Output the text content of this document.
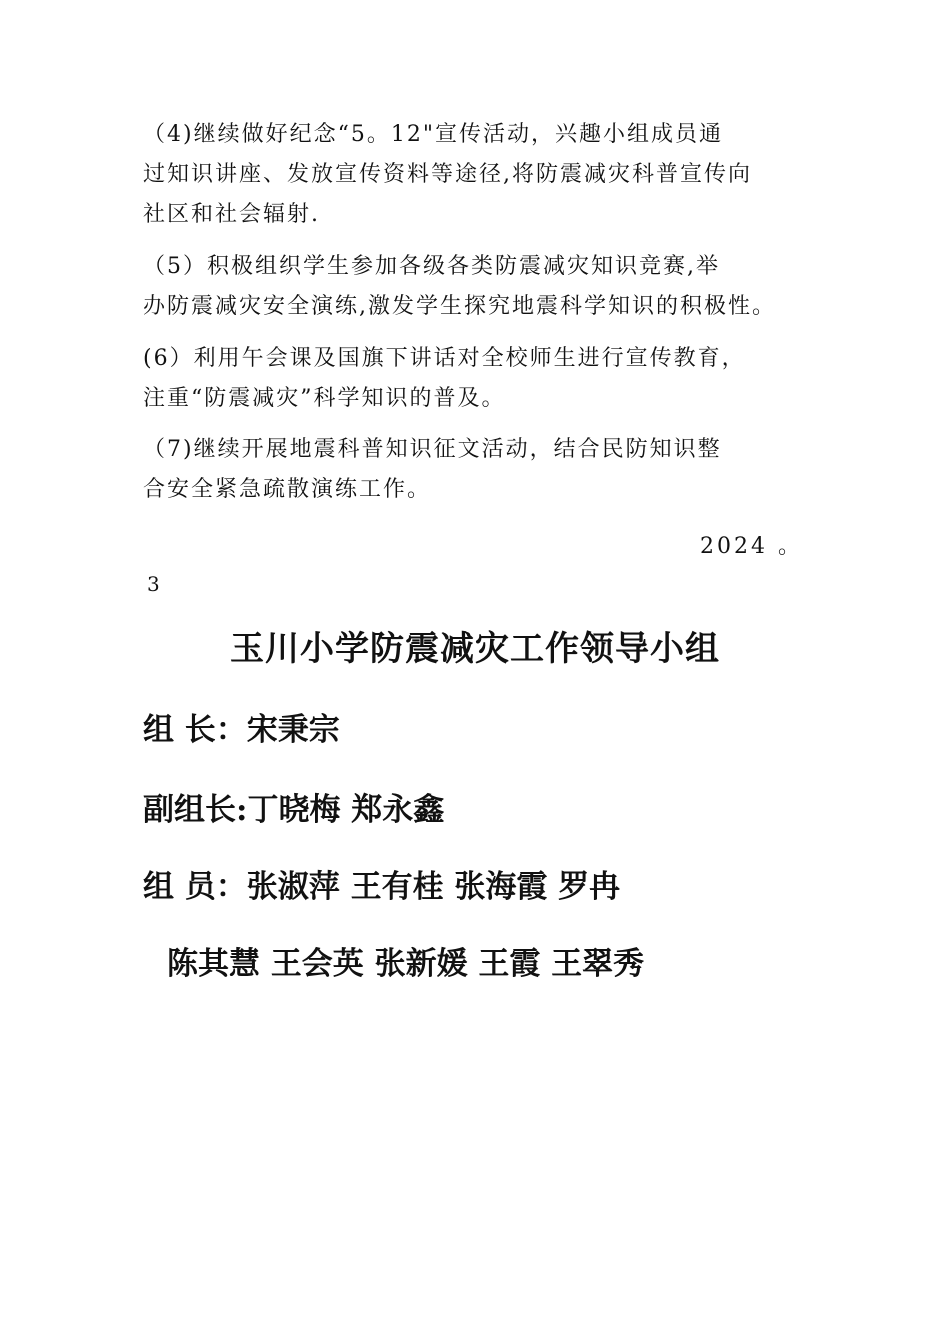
（4)继续做好纪念“5。12"宣传活动，兴趣小组成员通
过知识讲座、发放宣传资料等途径,将防震减灾科普宣传向
社区和社会辐射.

（5）积极组织学生参加各级各类防震减灾知识竞赛,举
办防震减灾安全演练,激发学生探究地震科学知识的积极性。

(6）利用午会课及国旗下讲话对全校师生进行宣传教育，
注重“防震减灾”科学知识的普及。

（7)继续开展地震科普知识征文活动，结合民防知识整
合安全紧急疏散演练工作。

2024 。
3
玉川小学防震减灾工作领导小组
组 长：宋秉宗
副组长:丁晓梅 郑永鑫
组 员：张淑萍 王有桂 张海霞 罗冉
陈其慧 王会英 张新媛 王霞 王翠秀
